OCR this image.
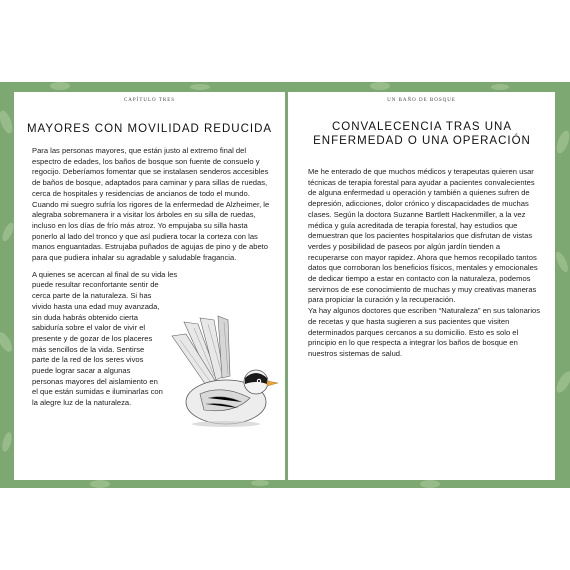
CAPÍTULO TRES
MAYORES CON MOVILIDAD REDUCIDA

Para las personas mayores, que están justo al extremo final del espectro de edades, los baños de bosque son fuente de consuelo y regocijo. Deberíamos fomentar que se instalasen senderos accesibles de baños de bosque, adaptados para caminar y para sillas de ruedas, cerca de hospitales y residencias de ancianos de todo el mundo. Cuando mi suegro sufría los rigores de la enfermedad de Alzheimer, le alegraba sobremanera ir a visitar los árboles en su silla de ruedas, incluso en los días de frío más atroz. Yo empujaba su silla hasta ponerlo al lado del tronco y que así pudiera tocar la corteza con las manos enguantadas. Estrujaba puñados de agujas de pino y de abeto para que pudiera inhalar su agradable y saludable fragancia.

A quienes se acercan al final de su vida les puede resultar reconfortante sentir de cerca parte de la naturaleza. Si has vivido hasta una edad muy avanzada, sin duda habrás obtenido cierta sabiduría sobre el valor de vivir el presente y de gozar de los placeres más sencillos de la vida. Sentirse parte de la red de los seres vivos puede lograr sacar a algunas personas mayores del aislamiento en el que están sumidas e iluminarlas con la alegre luz de la naturaleza.

UN BAÑO DE BOSQUE
CONVALECENCIA TRAS UNA ENFERMEDAD O UNA OPERACIÓN

Me he enterado de que muchos médicos y terapeutas quieren usar técnicas de terapia forestal para ayudar a pacientes convalecientes de alguna enfermedad u operación y también a quienes sufren de depresión, adicciones, dolor crónico y discapacidades de muchas clases. Según la doctora Suzanne Bartlett Hackenmiller, a la vez médica y guía acreditada de terapia forestal, hay estudios que demuestran que los pacientes hospitalarios que disfrutan de vistas verdes y posibilidad de paseos por algún jardín tienden a recuperarse con mayor rapidez. Ahora que hemos recopilado tantos datos que corroboran los beneficios físicos, mentales y emocionales de dedicar tiempo a estar en contacto con la naturaleza, podemos servirnos de ese conocimiento de muchas y muy creativas maneras para propiciar la curación y la recuperación.

Ya hay algunos doctores que escriben “Naturaleza” en sus talonarios de recetas y que hasta sugieren a sus pacientes que visiten determinados parques cercanos a su domicilio. Esto es solo el principio en lo que respecta a integrar los baños de bosque en nuestros sistemas de salud.
